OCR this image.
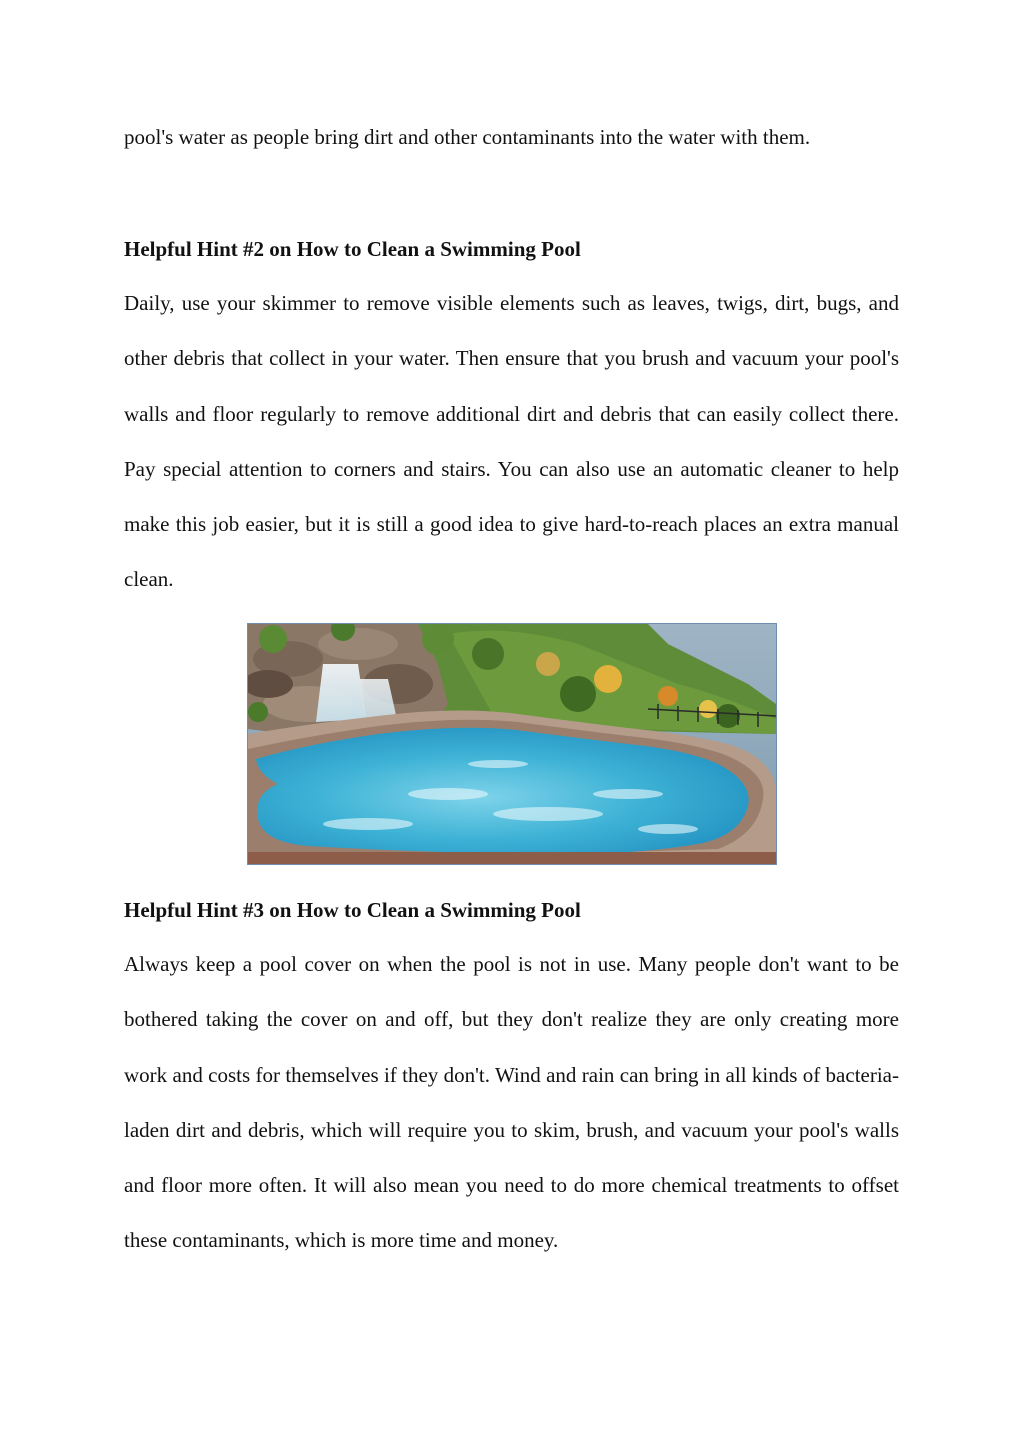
pool's water as people bring dirt and other contaminants into the water with them.

Helpful Hint #2 on How to Clean a Swimming Pool

Daily, use your skimmer to remove visible elements such as leaves, twigs, dirt, bugs, and other debris that collect in your water. Then ensure that you brush and vacuum your pool's walls and floor regularly to remove additional dirt and debris that can easily collect there. Pay special attention to corners and stairs. You can also use an automatic cleaner to help make this job easier, but it is still a good idea to give hard-to-reach places an extra manual clean.

Helpful Hint #3 on How to Clean a Swimming Pool

Always keep a pool cover on when the pool is not in use. Many people don't want to be bothered taking the cover on and off, but they don't realize they are only creating more work and costs for themselves if they don't. Wind and rain can bring in all kinds of bacteria-laden dirt and debris, which will require you to skim, brush, and vacuum your pool's walls and floor more often. It will also mean you need to do more chemical treatments to offset these contaminants, which is more time and money.
